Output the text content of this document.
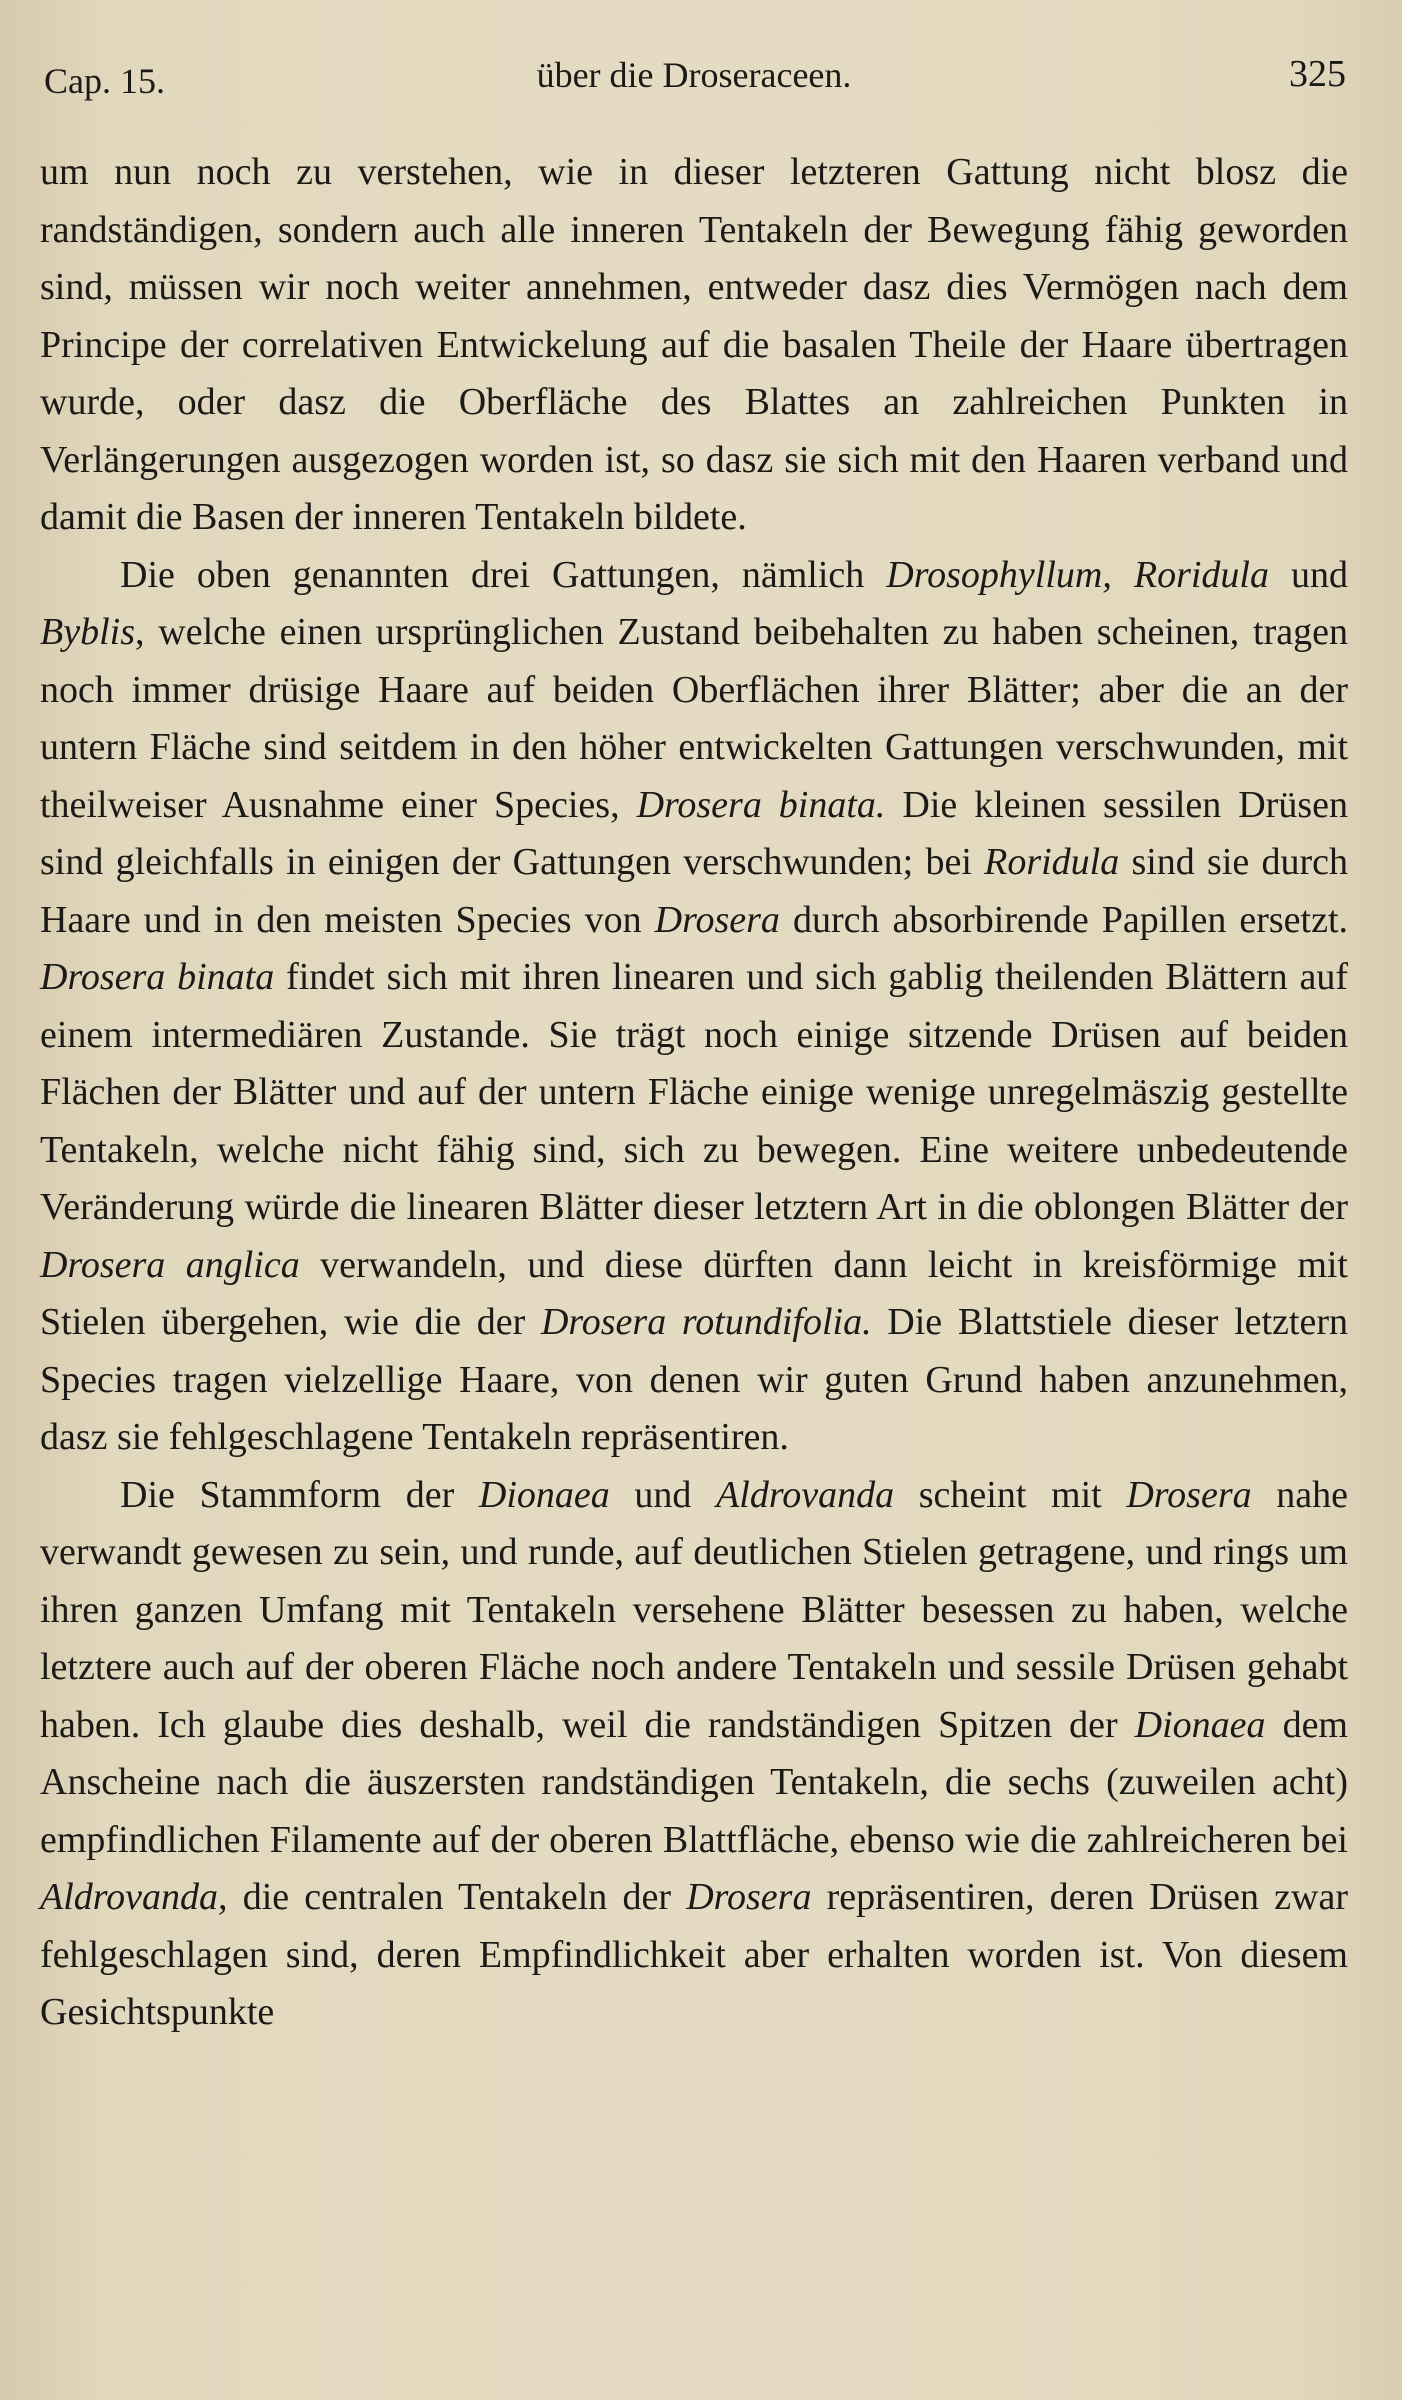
Cap. 15.	über die Droseraceen.	325

um nun noch zu verstehen, wie in dieser letzteren Gattung nicht blosz die randständigen, sondern auch alle inneren Tentakeln der Bewegung fähig geworden sind, müssen wir noch weiter annehmen, entweder dasz dies Vermögen nach dem Principe der correlativen Entwickelung auf die basalen Theile der Haare übertragen wurde, oder dasz die Oberfläche des Blattes an zahlreichen Punkten in Verlängerungen ausgezogen worden ist, so dasz sie sich mit den Haaren verband und damit die Basen der inneren Tentakeln bildete.

Die oben genannten drei Gattungen, nämlich Drosophyllum, Roridula und Byblis, welche einen ursprünglichen Zustand beibehalten zu haben scheinen, tragen noch immer drüsige Haare auf beiden Oberflächen ihrer Blätter; aber die an der untern Fläche sind seitdem in den höher entwickelten Gattungen verschwunden, mit theilweiser Ausnahme einer Species, Drosera binata. Die kleinen sessilen Drüsen sind gleichfalls in einigen der Gattungen verschwunden; bei Roridula sind sie durch Haare und in den meisten Species von Drosera durch absorbirende Papillen ersetzt. Drosera binata findet sich mit ihren linearen und sich gablig theilenden Blättern auf einem intermediären Zustande. Sie trägt noch einige sitzende Drüsen auf beiden Flächen der Blätter und auf der untern Fläche einige wenige unregelmäszig gestellte Tentakeln, welche nicht fähig sind, sich zu bewegen. Eine weitere unbedeutende Veränderung würde die linearen Blätter dieser letztern Art in die oblongen Blätter der Drosera anglica verwandeln, und diese dürften dann leicht in kreisförmige mit Stielen übergehen, wie die der Drosera rotundifolia. Die Blattstiele dieser letztern Species tragen vielzellige Haare, von denen wir guten Grund haben anzunehmen, dasz sie fehlgeschlagene Tentakeln repräsentiren.

Die Stammform der Dionaea und Aldrovanda scheint mit Drosera nahe verwandt gewesen zu sein, und runde, auf deutlichen Stielen getragene, und rings um ihren ganzen Umfang mit Tentakeln versehene Blätter besessen zu haben, welche letztere auch auf der oberen Fläche noch andere Tentakeln und sessile Drüsen gehabt haben. Ich glaube dies deshalb, weil die randständigen Spitzen der Dionaea dem Anscheine nach die äuszersten randständigen Tentakeln, die sechs (zuweilen acht) empfindlichen Filamente auf der oberen Blattfläche, ebenso wie die zahlreicheren bei Aldrovanda, die centralen Tentakeln der Drosera repräsentiren, deren Drüsen zwar fehlgeschlagen sind, deren Empfindlichkeit aber erhalten worden ist. Von diesem Gesichtspunkte
